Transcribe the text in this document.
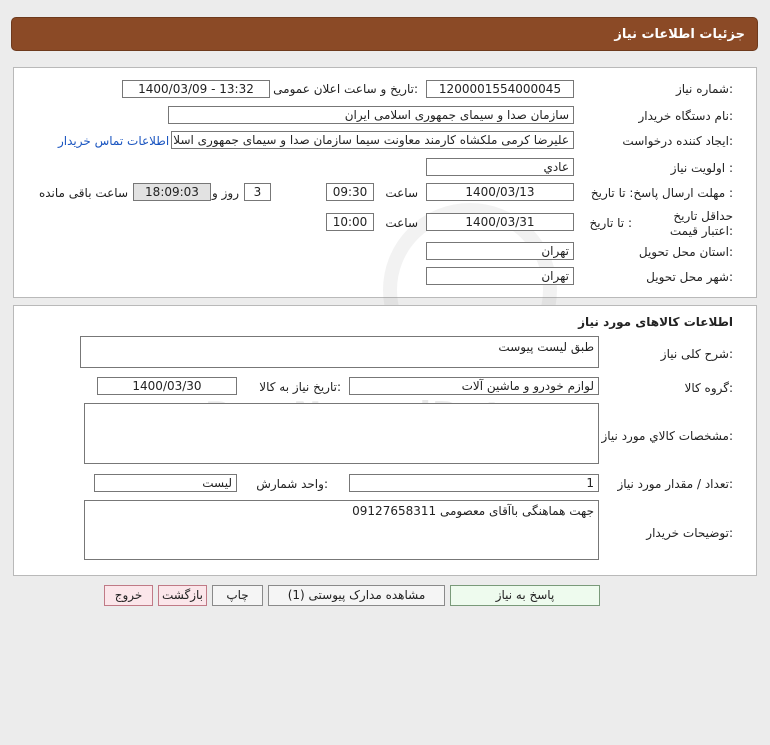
جزئیات اطلاعات نیاز
شماره نیاز:
1200001554000045
تاریخ و ساعت اعلان عمومی:
1400/03/09 - 13:32
نام دستگاه خریدار:
سازمان صدا و سیمای جمهوری اسلامی ایران
ایجاد کننده درخواست:
علیرضا کرمی ملکشاه کارمند معاونت سیما سازمان صدا و سیمای جمهوری اسلا
اطلاعات تماس خریدار
اولویت نیاز :
عادي
مهلت ارسال پاسخ: تا تاریخ :
1400/03/13
ساعت
09:30
3
روز و
18:09:03
ساعت باقی مانده
حداقل تاریخ اعتبار قیمت:
تا تاریخ :
1400/03/31
ساعت
10:00
استان محل تحویل:
تهران
شهر محل تحویل:
تهران
اطلاعات کالاهای مورد نیاز
شرح کلی نیاز:
طبق لیست پیوست
گروه کالا:
لوازم خودرو و ماشین آلات
تاریخ نیاز به کالا:
1400/03/30
مشخصات کالاي مورد نياز:
تعداد / مقدار مورد نیاز:
1
واحد شمارش:
لیست
توضیحات خریدار:
جهت هماهنگی باآقای معصومی 09127658311
پاسخ به نیاز
مشاهده مدارک پیوستی (1)
چاپ
بازگشت
خروج
